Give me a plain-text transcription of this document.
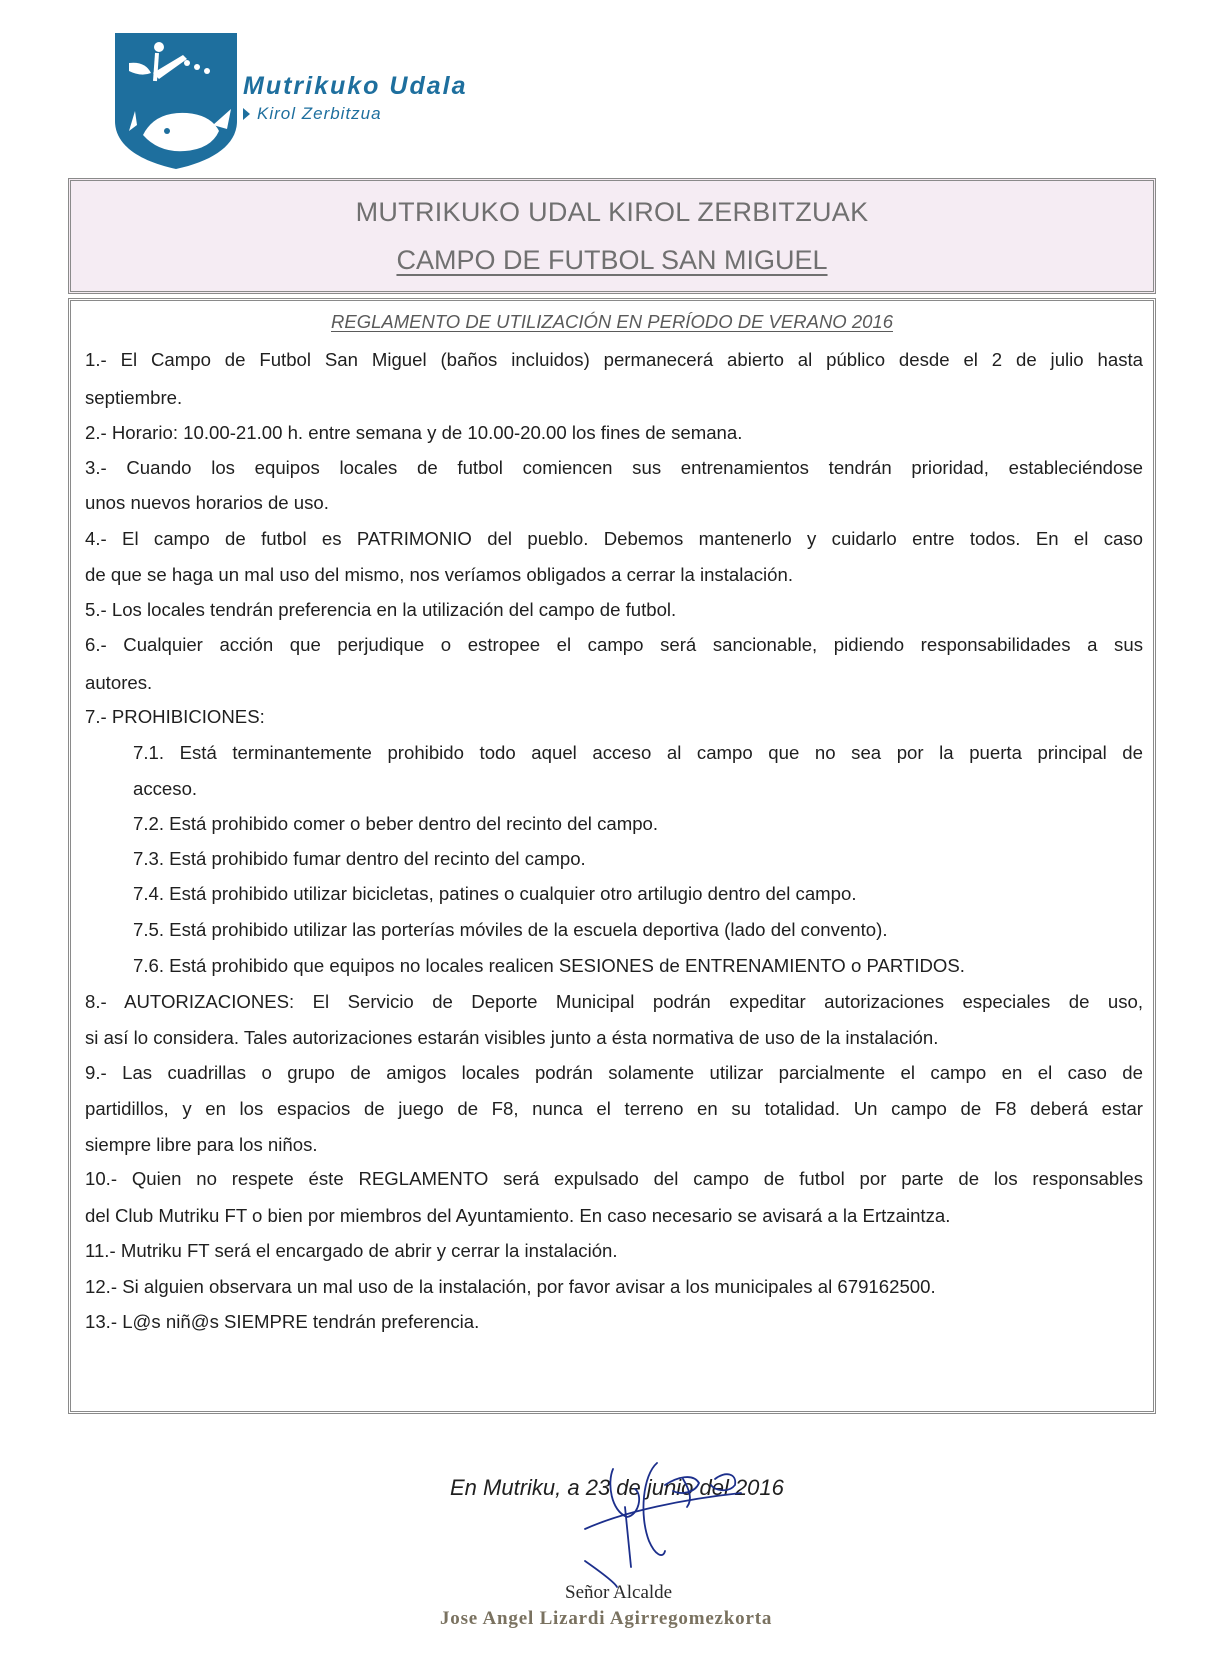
Mutrikuko Udala
Kirol Zerbitzua
MUTRIKUKO UDAL KIROL ZERBITZUAK
CAMPO DE FUTBOL SAN MIGUEL
REGLAMENTO DE UTILIZACIÓN EN PERÍODO DE VERANO 2016
1.- El Campo de Futbol San Miguel (baños incluidos) permanecerá abierto al público desde el 2 de julio hasta
septiembre.
2.- Horario: 10.00-21.00 h. entre semana y de 10.00-20.00 los fines de semana.
3.- Cuando los equipos locales de futbol comiencen sus entrenamientos tendrán prioridad, estableciéndose
unos nuevos horarios de uso.
4.- El campo de futbol es PATRIMONIO del pueblo. Debemos mantenerlo y cuidarlo entre todos. En el caso
de que se haga un mal uso del mismo, nos veríamos obligados a cerrar la instalación.
5.- Los locales tendrán preferencia en la utilización del campo de futbol.
6.- Cualquier acción que perjudique o estropee el campo será sancionable, pidiendo responsabilidades a sus
autores.
7.- PROHIBICIONES:
7.1. Está terminantemente prohibido todo aquel acceso al campo que no sea por la puerta principal de
acceso.
7.2. Está prohibido comer o beber dentro del recinto del campo.
7.3. Está prohibido fumar dentro del recinto del campo.
7.4. Está prohibido utilizar bicicletas, patines o cualquier otro artilugio dentro del campo.
7.5. Está prohibido utilizar las porterías móviles de la escuela deportiva (lado del convento).
7.6. Está prohibido que equipos no locales realicen SESIONES de ENTRENAMIENTO o PARTIDOS.
8.- AUTORIZACIONES: El Servicio de Deporte Municipal podrán expeditar autorizaciones especiales de uso,
si así lo considera. Tales autorizaciones estarán visibles junto a ésta normativa de uso de la instalación.
9.- Las cuadrillas o grupo de amigos locales podrán solamente utilizar parcialmente el campo en el caso de
partidillos, y en los espacios de juego de F8, nunca el terreno en su totalidad. Un campo de F8 deberá estar
siempre libre para los niños.
10.- Quien no respete éste REGLAMENTO será expulsado del campo de futbol por parte de los responsables
del Club Mutriku FT o bien por miembros del Ayuntamiento. En caso necesario se avisará a la Ertzaintza.
11.- Mutriku FT será el encargado de abrir y cerrar la instalación.
12.- Si alguien observara un mal uso de la instalación, por favor avisar a los municipales al 679162500.
13.- L@s niñ@s SIEMPRE tendrán preferencia.
En Mutriku, a 23 de junio del 2016
Señor Alcalde
Jose Angel Lizardi Agirregomezkorta
